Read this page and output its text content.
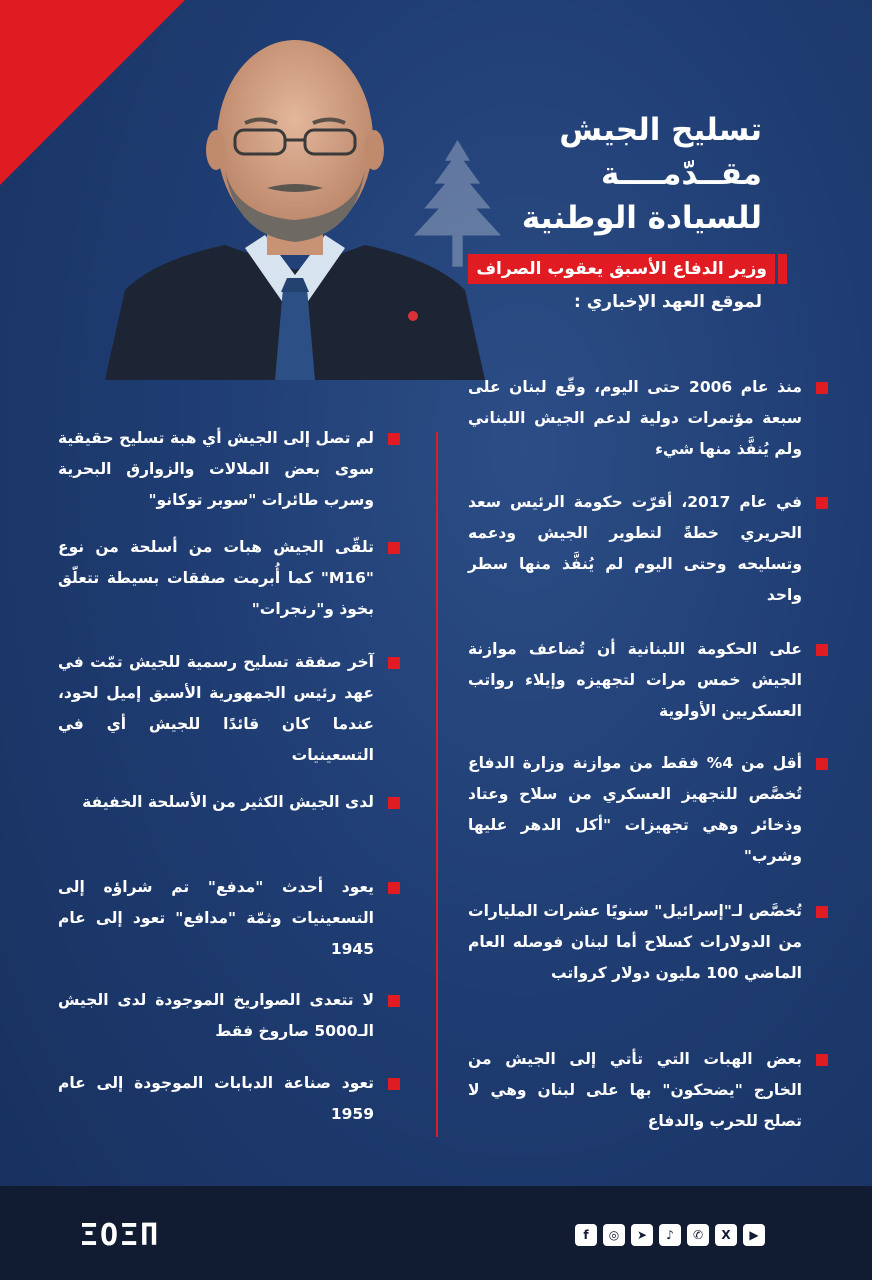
تسليح الجيش
مقــدّمــــة
للسيادة الوطنية
وزير الدفاع الأسبق يعقوب الصراف
لموقع العهد الإخباري :
منذ عام 2006 حتى اليوم، وقّع لبنان على سبعة مؤتمرات دولية لدعم الجيش اللبناني ولم يُنفَّذ منها شيء
في عام 2017، أقرّت حكومة الرئيس سعد الحريري خطةً لتطوير الجيش ودعمه وتسليحه وحتى اليوم لم يُنفَّذ منها سطر واحد
على الحكومة اللبنانية أن تُضاعف موازنة الجيش خمس مرات لتجهيزه وإيلاء رواتب العسكريين الأولوية
أقل من 4% فقط من موازنة وزارة الدفاع تُخصَّص للتجهيز العسكري من سلاح وعتاد وذخائر وهي تجهيزات "أكل الدهر عليها وشرب"
تُخصَّص لـ"إسرائيل" سنويًا عشرات المليارات من الدولارات كسلاح أما لبنان فوصله العام الماضي 100 مليون دولار كرواتب
بعض الهبات التي تأتي إلى الجيش من الخارج "يضحكون" بها على لبنان وهي لا تصلح للحرب والدفاع
لم تصل إلى الجيش أي هبة تسليح حقيقية سوى بعض الملالات والزوارق البحرية وسرب طائرات "سوبر توكانو"
تلقّى الجيش هبات من أسلحة من نوع "M16" كما أُبرمت صفقات بسيطة تتعلّق بخوذ و"رنجرات"
آخر صفقة تسليح رسمية للجيش تمّت في عهد رئيس الجمهورية الأسبق إميل لحود، عندما كان قائدًا للجيش أي في التسعينيات
لدى الجيش الكثير من الأسلحة الخفيفة
يعود أحدث "مدفع" تم شراؤه إلى التسعينيات وثمّة "مدافع" تعود إلى عام 1945
لا تتعدى الصواريخ الموجودة لدى الجيش الـ5000 صاروخ فقط
تعود صناعة الدبابات الموجودة إلى عام 1959
ΞOΞΠ	f	◎	➤	♪	✆	X	▶
